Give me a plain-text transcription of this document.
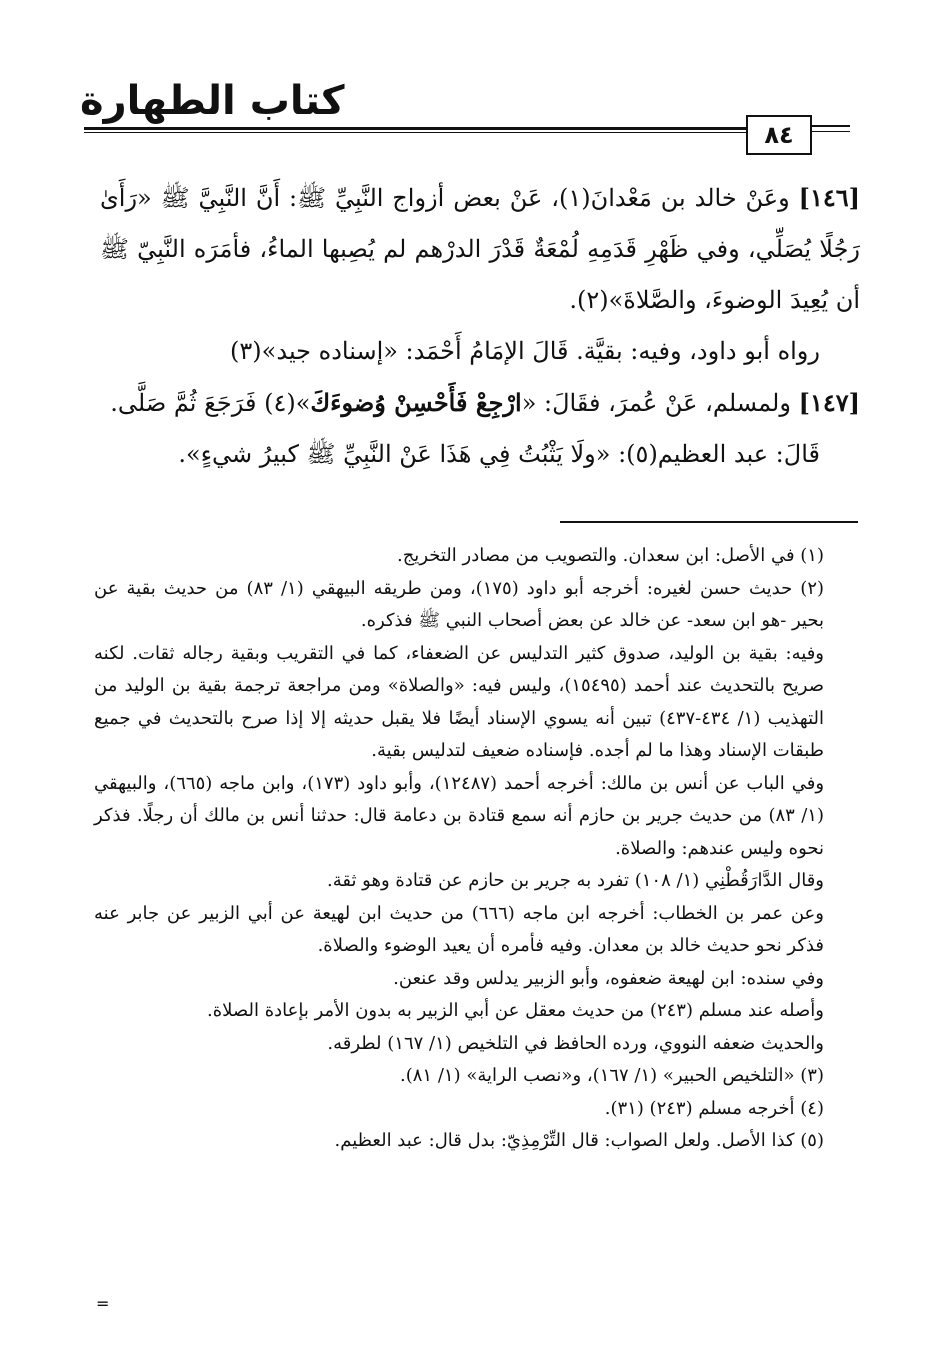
كتاب الطهارة
٨٤

[١٤٦] وعَنْ خالد بن مَعْدانَ(١)، عَنْ بعض أزواج النَّبِيِّ ﷺ: أَنَّ النَّبِيَّ ﷺ «رَأَىٰ رَجُلًا يُصَلِّي، وفي ظَهْرِ قَدَمِهِ لُمْعَةٌ قَدْرَ الدرْهم لم يُصِبها الماءُ، فأمَرَه النَّبِيّ ﷺ أن يُعِيدَ الوضوءَ، والصَّلاةَ»(٢).

رواه أبو داود، وفيه: بقيَّة. قَالَ الإمَامُ أَحْمَد: «إسناده جيد»(٣)

[١٤٧] ولمسلم، عَنْ عُمرَ، فقَالَ: «ارْجِعْ فَأَحْسِنْ وُضوءَكَ»(٤) فَرَجَعَ ثُمَّ صَلَّى.

قَالَ: عبد العظيم(٥): «ولَا يَثْبُتُ فِي هَذَا عَنْ النَّبِيِّ ﷺ كبيرُ شيءٍ».

(١) في الأصل: ابن سعدان. والتصويب من مصادر التخريج.

(٢) حديث حسن لغيره: أخرجه أبو داود (١٧٥)، ومن طريقه البيهقي (١/ ٨٣) من حديث بقية عن بحير -هو ابن سعد- عن خالد عن بعض أصحاب النبي ﷺ فذكره.

وفيه: بقية بن الوليد، صدوق كثير التدليس عن الضعفاء، كما في التقريب وبقية رجاله ثقات. لكنه صريح بالتحديث عند أحمد (١٥٤٩٥)، وليس فيه: «والصلاة» ومن مراجعة ترجمة بقية بن الوليد من التهذيب (١/ ٤٣٤-٤٣٧) تبين أنه يسوي الإسناد أيضًا فلا يقبل حديثه إلا إذا صرح بالتحديث في جميع طبقات الإسناد وهذا ما لم أجده. فإسناده ضعيف لتدليس بقية.

وفي الباب عن أنس بن مالك: أخرجه أحمد (١٢٤٨٧)، وأبو داود (١٧٣)، وابن ماجه (٦٦٥)، والبيهقي (١/ ٨٣) من حديث جرير بن حازم أنه سمع قتادة بن دعامة قال: حدثنا أنس بن مالك أن رجلًا. فذكر نحوه وليس عندهم: والصلاة.

وقال الدَّارَقُطْنِي (١/ ١٠٨) تفرد به جرير بن حازم عن قتادة وهو ثقة.

وعن عمر بن الخطاب: أخرجه ابن ماجه (٦٦٦) من حديث ابن لهيعة عن أبي الزبير عن جابر عنه فذكر نحو حديث خالد بن معدان. وفيه فأمره أن يعيد الوضوء والصلاة.

وفي سنده: ابن لهيعة ضعفوه، وأبو الزبير يدلس وقد عنعن.

وأصله عند مسلم (٢٤٣) من حديث معقل عن أبي الزبير به بدون الأمر بإعادة الصلاة.

والحديث ضعفه النووي، ورده الحافظ في التلخيص (١/ ١٦٧) لطرقه.

(٣) «التلخيص الحبير» (١/ ١٦٧)، و«نصب الراية» (١/ ٨١).

(٤) أخرجه مسلم (٢٤٣) (٣١).

(٥) كذا الأصل. ولعل الصواب: قال التِّرْمِذِيّ: بدل قال: عبد العظيم.

=
